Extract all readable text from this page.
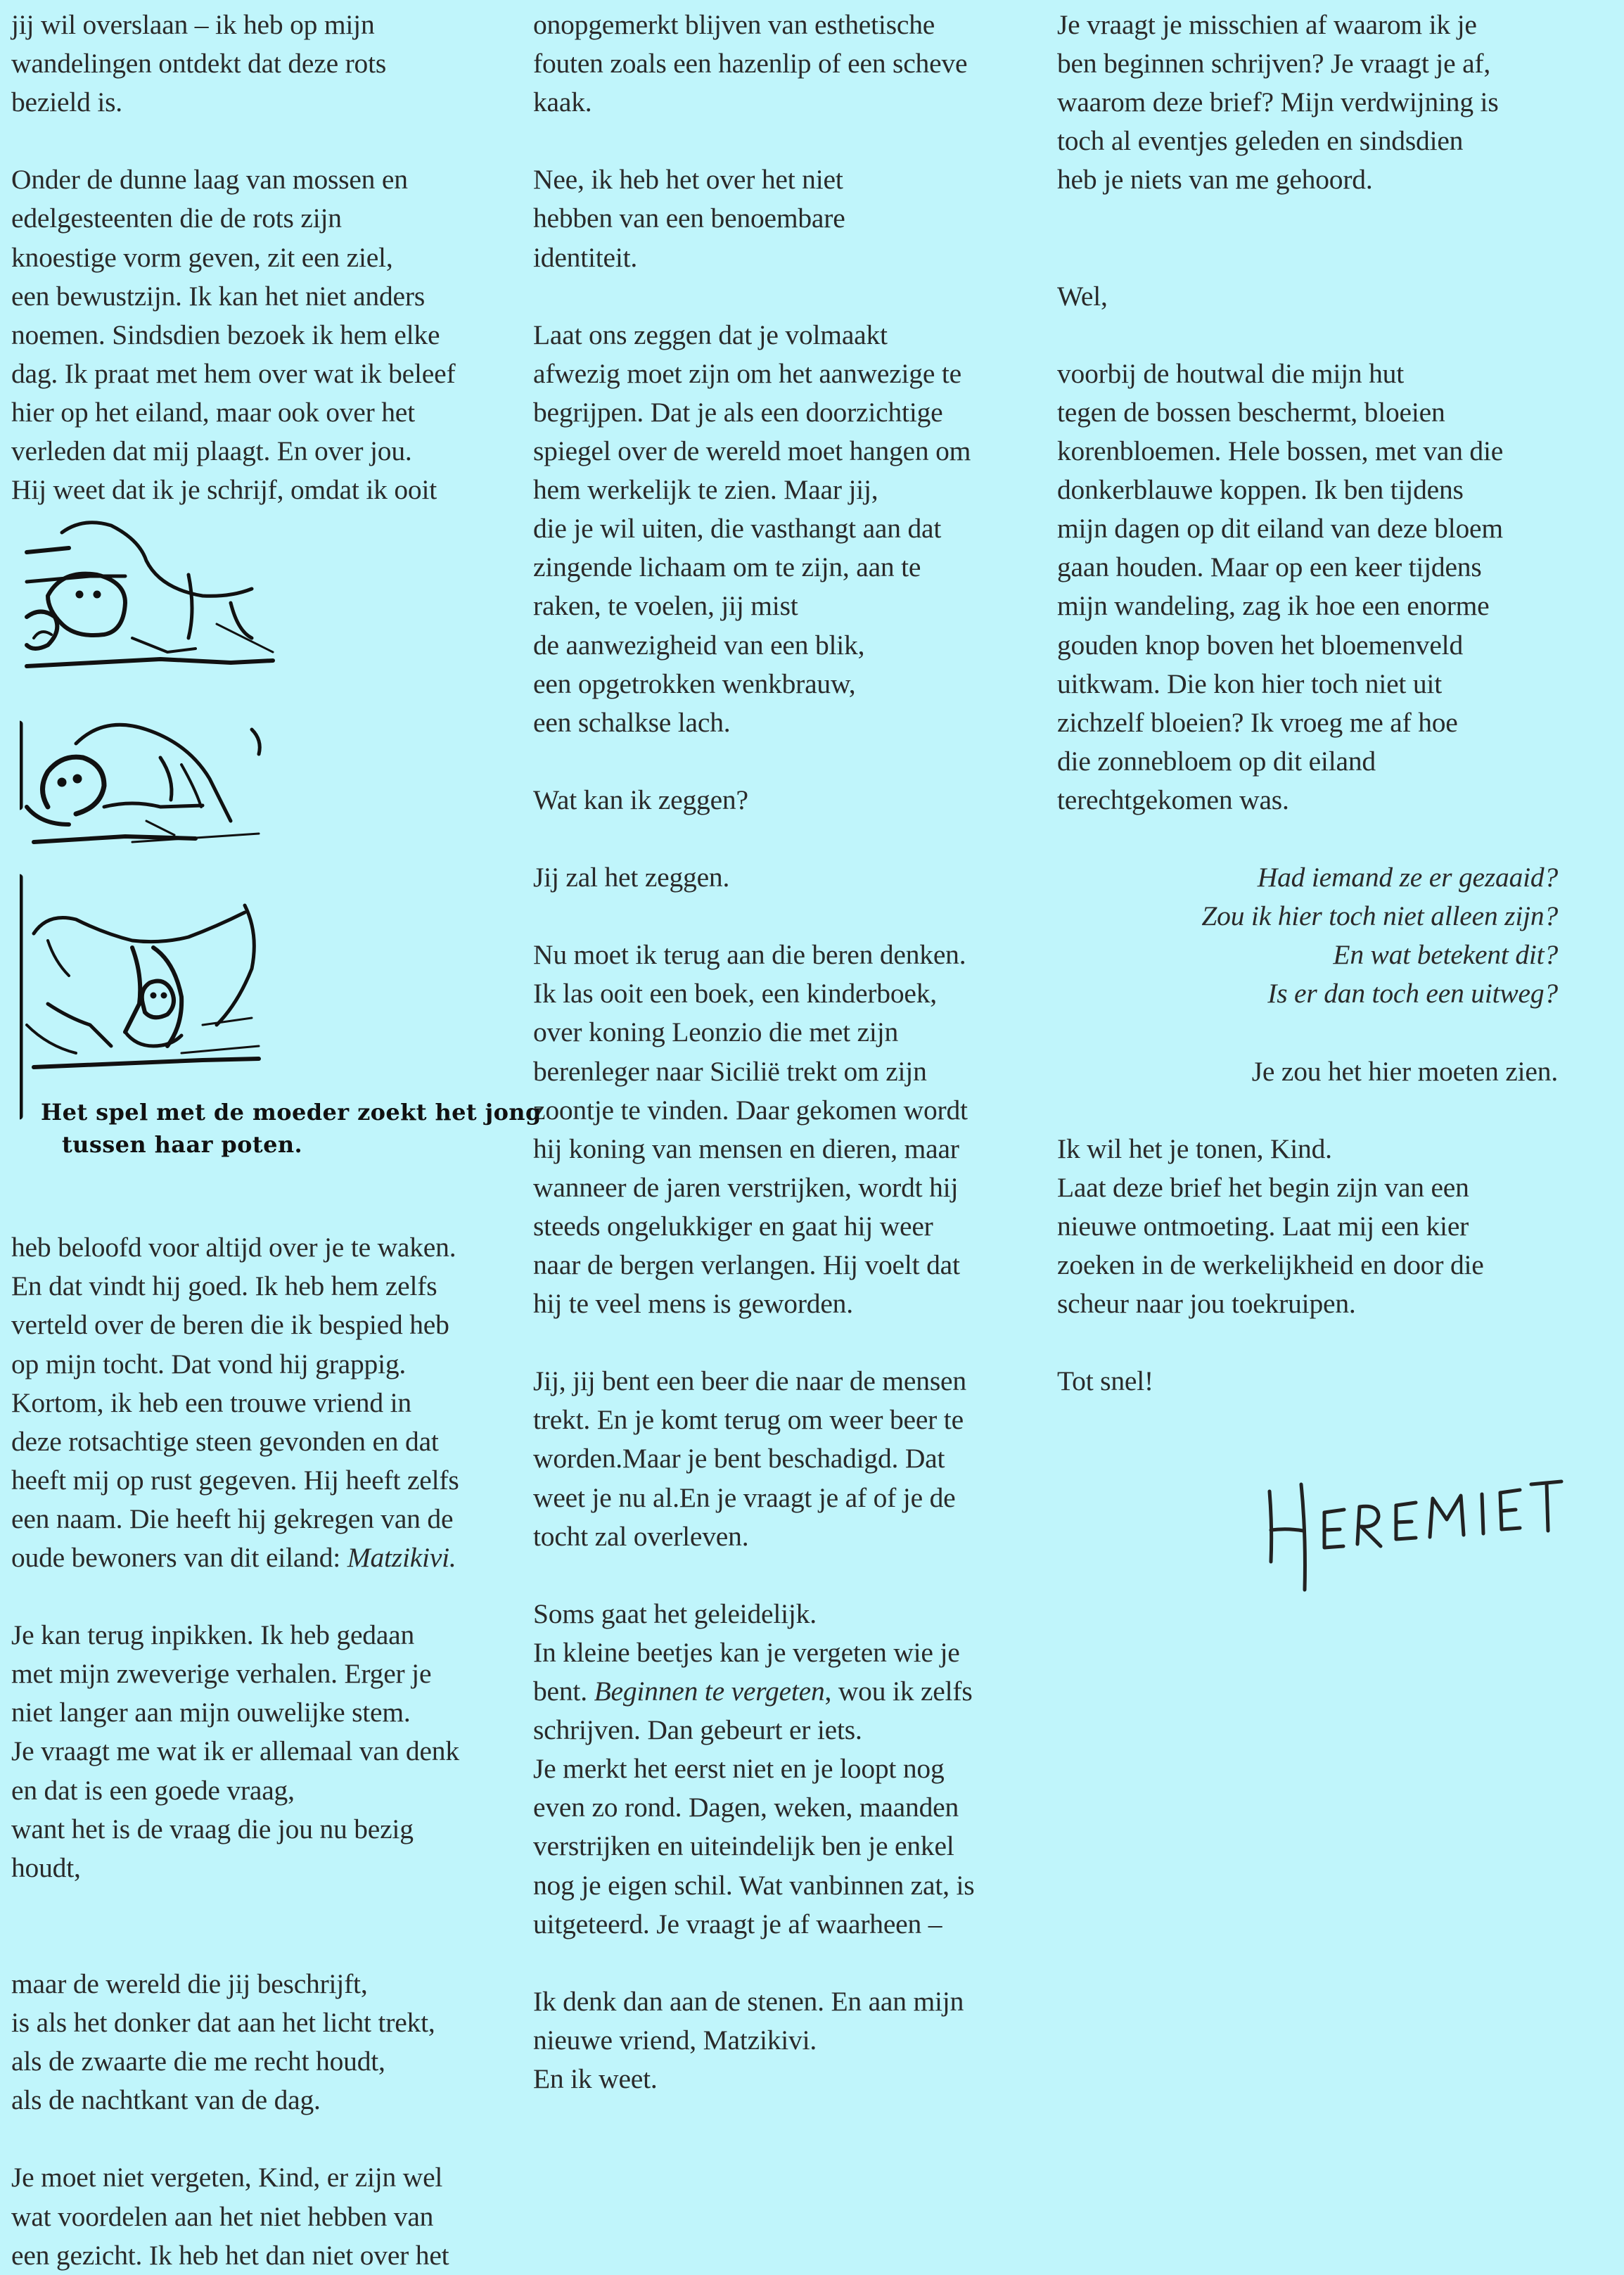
jij wil overslaan – ik heb op mijn
wandelingen ontdekt dat deze rots
bezield is.
Onder de dunne laag van mossen en
edelgesteenten die de rots zijn
knoestige vorm geven, zit een ziel,
een bewustzijn. Ik kan het niet anders
noemen. Sindsdien bezoek ik hem elke
dag. Ik praat met hem over wat ik beleef
hier op het eiland, maar ook over het
verleden dat mij plaagt. En over jou.
Hij weet dat ik je schrijf, omdat ik ooit
heb beloofd voor altijd over je te waken.
En dat vindt hij goed. Ik heb hem zelfs
verteld over de beren die ik bespied heb
op mijn tocht. Dat vond hij grappig.
Kortom, ik heb een trouwe vriend in
deze rotsachtige steen gevonden en dat
heeft mij op rust gegeven. Hij heeft zelfs
een naam. Die heeft hij gekregen van de
oude bewoners van dit eiland: Matzikivi.
Je kan terug inpikken. Ik heb gedaan
met mijn zweverige verhalen. Erger je
niet langer aan mijn ouwelijke stem.
Je vraagt me wat ik er allemaal van denk
en dat is een goede vraag,
want het is de vraag die jou nu bezig
houdt,
maar de wereld die jij beschrijft,
is als het donker dat aan het licht trekt,
als de zwaarte die me recht houdt,
als de nachtkant van de dag.
Je moet niet vergeten, Kind, er zijn wel
wat voordelen aan het niet hebben van
een gezicht. Ik heb het dan niet over het
onopgemerkt blijven van esthetische
fouten zoals een hazenlip of een scheve
kaak.
Nee, ik heb het over het niet
hebben van een benoembare
identiteit.
Laat ons zeggen dat je volmaakt
afwezig moet zijn om het aanwezige te
begrijpen. Dat je als een doorzichtige
spiegel over de wereld moet hangen om
hem werkelijk te zien. Maar jij,
die je wil uiten, die vasthangt aan dat
zingende lichaam om te zijn, aan te
raken, te voelen, jij mist
de aanwezigheid van een blik,
een opgetrokken wenkbrauw,
een schalkse lach.
Wat kan ik zeggen?
Jij zal het zeggen.
Nu moet ik terug aan die beren denken.
Ik las ooit een boek, een kinderboek,
over koning Leonzio die met zijn
berenleger naar Sicilië trekt om zijn
zoontje te vinden. Daar gekomen wordt
hij koning van mensen en dieren, maar
wanneer de jaren verstrijken, wordt hij
steeds ongelukkiger en gaat hij weer
naar de bergen verlangen. Hij voelt dat
hij te veel mens is geworden.
Jij, jij bent een beer die naar de mensen
trekt. En je komt terug om weer beer te
worden.Maar je bent beschadigd. Dat
weet je nu al.En je vraagt je af of je de
tocht zal overleven.
Soms gaat het geleidelijk.
In kleine beetjes kan je vergeten wie je
bent. Beginnen te vergeten, wou ik zelfs
schrijven. Dan gebeurt er iets.
Je merkt het eerst niet en je loopt nog
even zo rond. Dagen, weken, maanden
verstrijken en uiteindelijk ben je enkel
nog je eigen schil. Wat vanbinnen zat, is
uitgeteerd. Je vraagt je af waarheen –
Ik denk dan aan de stenen. En aan mijn
nieuwe vriend, Matzikivi.
En ik weet.
Je vraagt je misschien af waarom ik je
ben beginnen schrijven? Je vraagt je af,
waarom deze brief? Mijn verdwijning is
toch al eventjes geleden en sindsdien
heb je niets van me gehoord.
Wel,
voorbij de houtwal die mijn hut
tegen de bossen beschermt, bloeien
korenbloemen. Hele bossen, met van die
donkerblauwe koppen. Ik ben tijdens
mijn dagen op dit eiland van deze bloem
gaan houden. Maar op een keer tijdens
mijn wandeling, zag ik hoe een enorme
gouden knop boven het bloemenveld
uitkwam. Die kon hier toch niet uit
zichzelf bloeien? Ik vroeg me af hoe
die zonnebloem op dit eiland
terechtgekomen was.
Had iemand ze er gezaaid?
Zou ik hier toch niet alleen zijn?
En wat betekent dit?
Is er dan toch een uitweg?
Je zou het hier moeten zien.
Ik wil het je tonen, Kind.
Laat deze brief het begin zijn van een
nieuwe ontmoeting. Laat mij een kier
zoeken in de werkelijkheid en door die
scheur naar jou toekruipen.
Tot snel!
Het spel met de moeder zoekt het jong
tussen haar poten.
